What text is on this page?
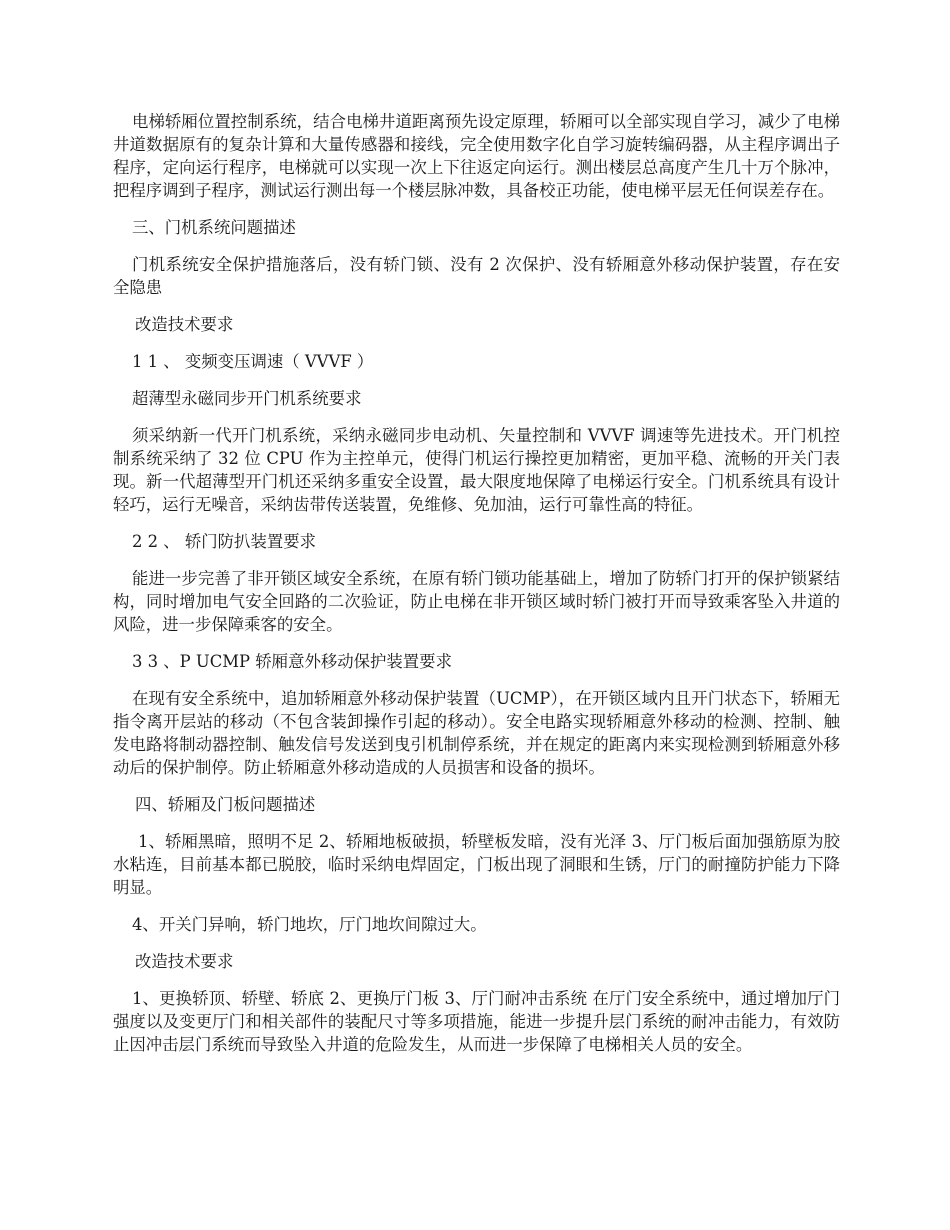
电梯轿厢位置控制系统，结合电梯井道距离预先设定原理，轿厢可以全部实现自学习，减少了电梯井道数据原有的复杂计算和大量传感器和接线，完全使用数字化自学习旋转编码器，从主程序调出子程序，定向运行程序，电梯就可以实现一次上下往返定向运行。测出楼层总高度产生几十万个脉冲，把程序调到子程序，测试运行测出每一个楼层脉冲数，具备校正功能，使电梯平层无任何误差存在。

三、门机系统问题描述

门机系统安全保护措施落后，没有轿门锁、没有 2 次保护、没有轿厢意外移动保护装置，存在安全隐患

改造技术要求

1 1 、 变频变压调速（ VVVF ）

超薄型永磁同步开门机系统要求

须采纳新一代开门机系统，采纳永磁同步电动机、矢量控制和 VVVF 调速等先进技术。开门机控制系统采纳了 32 位 CPU 作为主控单元，使得门机运行操控更加精密，更加平稳、流畅的开关门表现。新一代超薄型开门机还采纳多重安全设置，最大限度地保障了电梯运行安全。门机系统具有设计轻巧，运行无噪音，采纳齿带传送装置，免维修、免加油，运行可靠性高的特征。

2 2 、 轿门防扒装置要求

能进一步完善了非开锁区域安全系统，在原有轿门锁功能基础上，增加了防轿门打开的保护锁紧结构，同时增加电气安全回路的二次验证，防止电梯在非开锁区域时轿门被打开而导致乘客坠入井道的风险，进一步保障乘客的安全。

3 3 、P UCMP 轿厢意外移动保护装置要求

在现有安全系统中，追加轿厢意外移动保护装置（UCMP），在开锁区域内且开门状态下，轿厢无指令离开层站的移动（不包含装卸操作引起的移动）。安全电路实现轿厢意外移动的检测、控制、触发电路将制动器控制、触发信号发送到曳引机制停系统，并在规定的距离内来实现检测到轿厢意外移动后的保护制停。防止轿厢意外移动造成的人员损害和设备的损坏。

四、轿厢及门板问题描述

1、轿厢黑暗，照明不足 2、轿厢地板破损，轿壁板发暗，没有光泽 3、厅门板后面加强筋原为胶水粘连，目前基本都已脱胶，临时采纳电焊固定，门板出现了洞眼和生锈，厅门的耐撞防护能力下降明显。

4、开关门异响，轿门地坎，厅门地坎间隙过大。

改造技术要求

1、更换轿顶、轿壁、轿底 2、更换厅门板 3、厅门耐冲击系统 在厅门安全系统中，通过增加厅门强度以及变更厅门和相关部件的装配尺寸等多项措施，能进一步提升层门系统的耐冲击能力，有效防止因冲击层门系统而导致坠入井道的危险发生，从而进一步保障了电梯相关人员的安全。
